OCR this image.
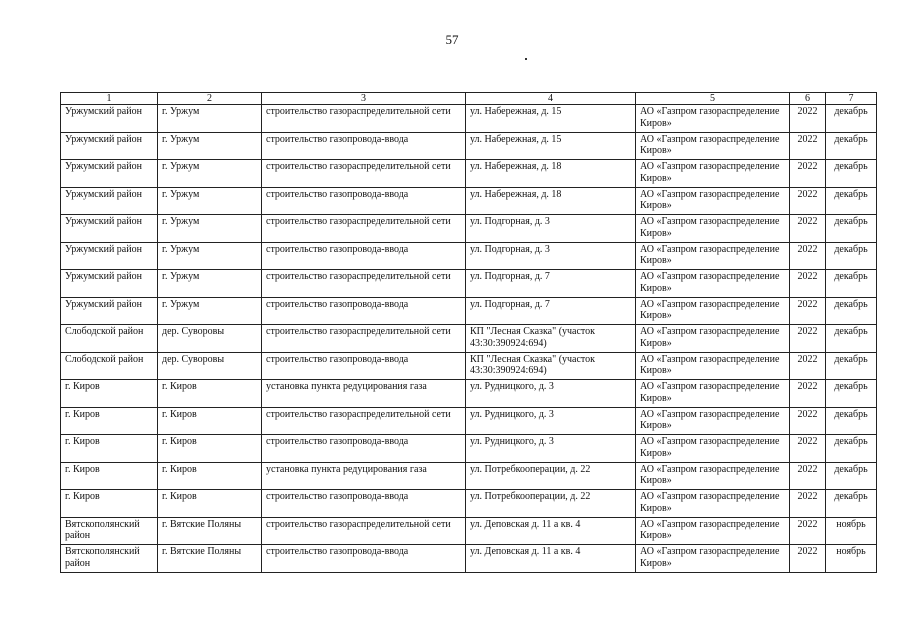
57
1	2	3	4	5	6	7
Уржумский район	г. Уржум	строительство газораспределительной сети	ул. Набережная, д. 15	АО «Газпром газораспределение Киров»	2022	декабрь
Уржумский район	г. Уржум	строительство газопровода-ввода	ул. Набережная, д. 15	АО «Газпром газораспределение Киров»	2022	декабрь
Уржумский район	г. Уржум	строительство газораспределительной сети	ул. Набережная, д. 18	АО «Газпром газораспределение Киров»	2022	декабрь
Уржумский район	г. Уржум	строительство газопровода-ввода	ул. Набережная, д. 18	АО «Газпром газораспределение Киров»	2022	декабрь
Уржумский район	г. Уржум	строительство газораспределительной сети	ул. Подгорная, д. 3	АО «Газпром газораспределение Киров»	2022	декабрь
Уржумский район	г. Уржум	строительство газопровода-ввода	ул. Подгорная, д. 3	АО «Газпром газораспределение Киров»	2022	декабрь
Уржумский район	г. Уржум	строительство газораспределительной сети	ул. Подгорная, д. 7	АО «Газпром газораспределение Киров»	2022	декабрь
Уржумский район	г. Уржум	строительство газопровода-ввода	ул. Подгорная, д. 7	АО «Газпром газораспределение Киров»	2022	декабрь
Слободской район	дер. Суворовы	строительство газораспределительной сети	КП "Лесная Сказка" (участок 43:30:390924:694)	АО «Газпром газораспределение Киров»	2022	декабрь
Слободской район	дер. Суворовы	строительство газопровода-ввода	КП "Лесная Сказка" (участок 43:30:390924:694)	АО «Газпром газораспределение Киров»	2022	декабрь
г. Киров	г. Киров	установка пункта редуцирования газа	ул. Рудницкого, д. 3	АО «Газпром газораспределение Киров»	2022	декабрь
г. Киров	г. Киров	строительство газораспределительной сети	ул. Рудницкого, д. 3	АО «Газпром газораспределение Киров»	2022	декабрь
г. Киров	г. Киров	строительство газопровода-ввода	ул. Рудницкого, д. 3	АО «Газпром газораспределение Киров»	2022	декабрь
г. Киров	г. Киров	установка пункта редуцирования газа	ул. Потребкооперации, д. 22	АО «Газпром газораспределение Киров»	2022	декабрь
г. Киров	г. Киров	строительство газопровода-ввода	ул. Потребкооперации, д. 22	АО «Газпром газораспределение Киров»	2022	декабрь
Вятскополянский район	г. Вятские Поляны	строительство газораспределительной сети	ул. Деповская д. 11 а кв. 4	АО «Газпром газораспределение Киров»	2022	ноябрь
Вятскополянский район	г. Вятские Поляны	строительство газопровода-ввода	ул. Деповская д. 11 а кв. 4	АО «Газпром газораспределение Киров»	2022	ноябрь
